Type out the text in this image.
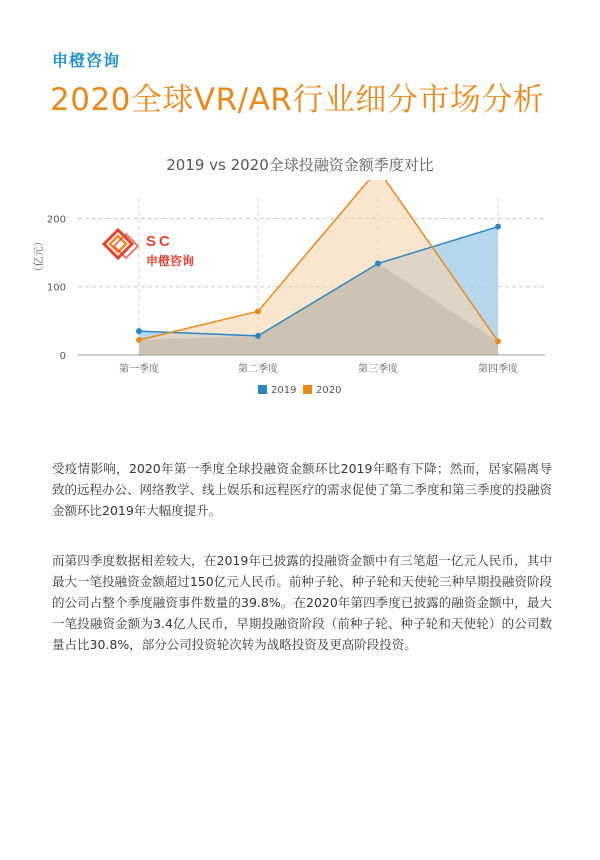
申橙咨询
2020全球VR/AR行业细分市场分析
2019 vs 2020全球投融资金额季度对比
SC
申橙咨询
0
100
200
（亿元）
第一季度	第二季度	第三季度	第四季度
2019 2020
受疫情影响，2020年第一季度全球投融资金额环比2019年略有下降；然而，居家隔离导致的远程办公、网络教学、线上娱乐和远程医疗的需求促使了第二季度和第三季度的投融资金额环比2019年大幅度提升。
而第四季度数据相差较大，在2019年已披露的投融资金额中有三笔超一亿元人民币，其中最大一笔投融资金额超过150亿元人民币。前种子轮、种子轮和天使轮三种早期投融资阶段的公司占整个季度融资事件数量的39.8%。在2020年第四季度已披露的融资金额中，最大一笔投融资金额为3.4亿人民币，早期投融资阶段（前种子轮、种子轮和天使轮）的公司数量占比30.8%，部分公司投资轮次转为战略投资及更高阶段投资。
